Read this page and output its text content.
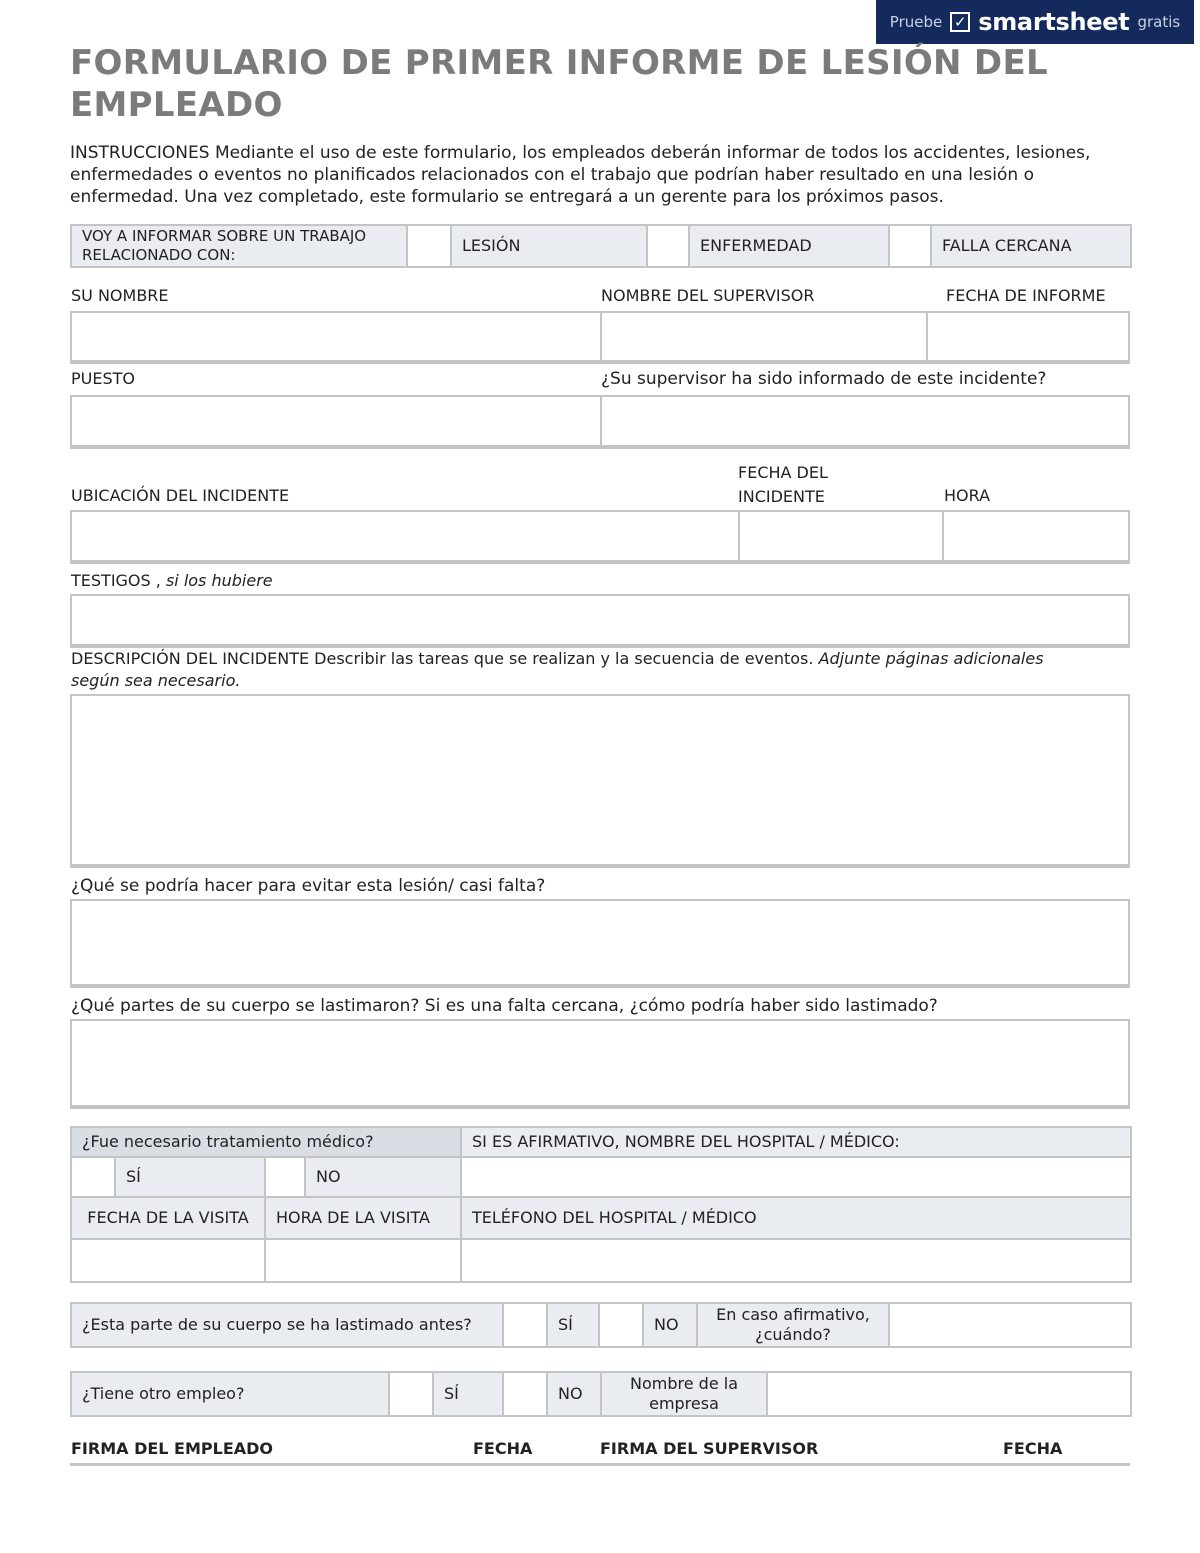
Pruebe ✓ smartsheet gratis
FORMULARIO DE PRIMER INFORME DE LESIÓN DEL EMPLEADO
INSTRUCCIONES Mediante el uso de este formulario, los empleados deberán informar de todos los accidentes, lesiones, enfermedades o eventos no planificados relacionados con el trabajo que podrían haber resultado en una lesión o enfermedad. Una vez completado, este formulario se entregará a un gerente para los próximos pasos.
VOY A INFORMAR SOBRE UN TRABAJO RELACIONADO CON:		LESIÓN		ENFERMEDAD		FALLA CERCANA
SU NOMBRE	NOMBRE DEL SUPERVISOR	FECHA DE INFORME
PUESTO	¿Su supervisor ha sido informado de este incidente?
UBICACIÓN DEL INCIDENTE
FECHA DEL INCIDENTE	HORA
TESTIGOS , si los hubiere
DESCRIPCIÓN DEL INCIDENTE Describir las tareas que se realizan y la secuencia de eventos. Adjunte páginas adicionales según sea necesario.
¿Qué se podría hacer para evitar esta lesión/ casi falta?
¿Qué partes de su cuerpo se lastimaron? Si es una falta cercana, ¿cómo podría haber sido lastimado?
¿Fue necesario tratamiento médico?				SI ES AFIRMATIVO, NOMBRE DEL HOSPITAL / MÉDICO:
	SÍ		NO	
FECHA DE LA VISITA		HORA DE LA VISITA		TELÉFONO DEL HOSPITAL / MÉDICO

¿Esta parte de su cuerpo se ha lastimado antes?		SÍ		NO	En caso afirmativo, ¿cuándo?	
¿Tiene otro empleo?		SÍ		NO	Nombre de la empresa	
FIRMA DEL EMPLEADO	FECHA	FIRMA DEL SUPERVISOR	FECHA
